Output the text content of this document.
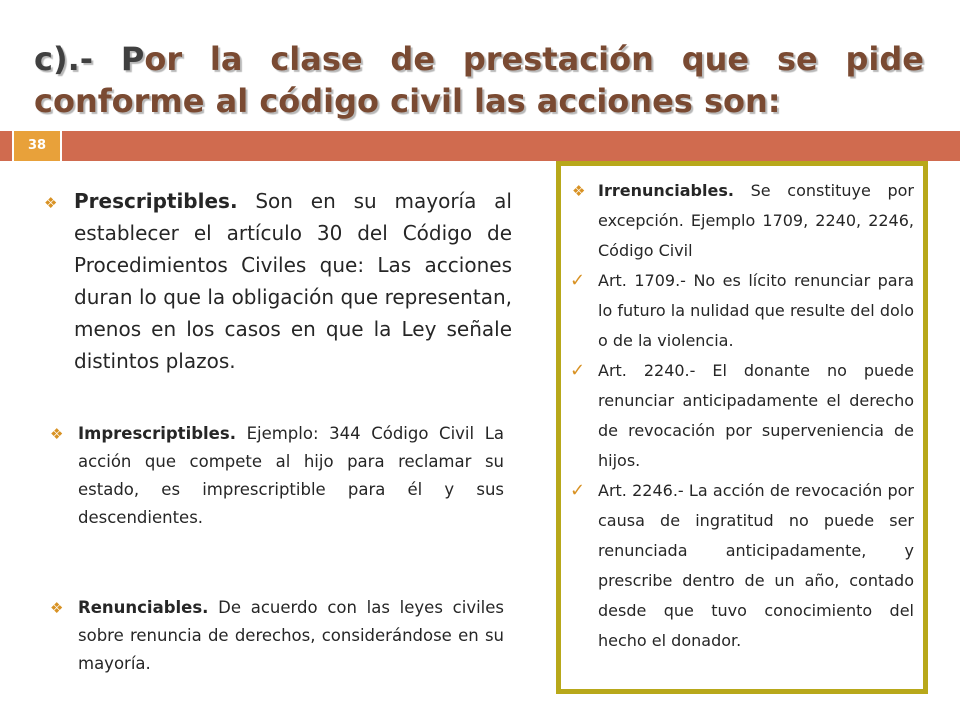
c).- Por la clase de prestación que se pide conforme al código civil las acciones son:
38
❖ Prescriptibles. Son en su mayoría al establecer el artículo 30 del Código de Procedimientos Civiles que: Las acciones duran lo que la obligación que representan, menos en los casos en que la Ley señale distintos plazos.
❖ Imprescriptibles. Ejemplo: 344 Código Civil La acción que compete al hijo para reclamar su estado, es imprescriptible para él y sus descendientes.
❖ Renunciables. De acuerdo con las leyes civiles sobre renuncia de derechos, considerándose en su mayoría.
❖ Irrenunciables. Se constituye por excepción. Ejemplo 1709, 2240, 2246, Código Civil
✓ Art. 1709.- No es lícito renunciar para lo futuro la nulidad que resulte del dolo o de la violencia.
✓ Art. 2240.- El donante no puede renunciar anticipadamente el derecho de revocación por superveniencia de hijos.
✓ Art. 2246.- La acción de revocación por causa de ingratitud no puede ser renunciada anticipadamente, y prescribe dentro de un año, contado desde que tuvo conocimiento del hecho el donador.
